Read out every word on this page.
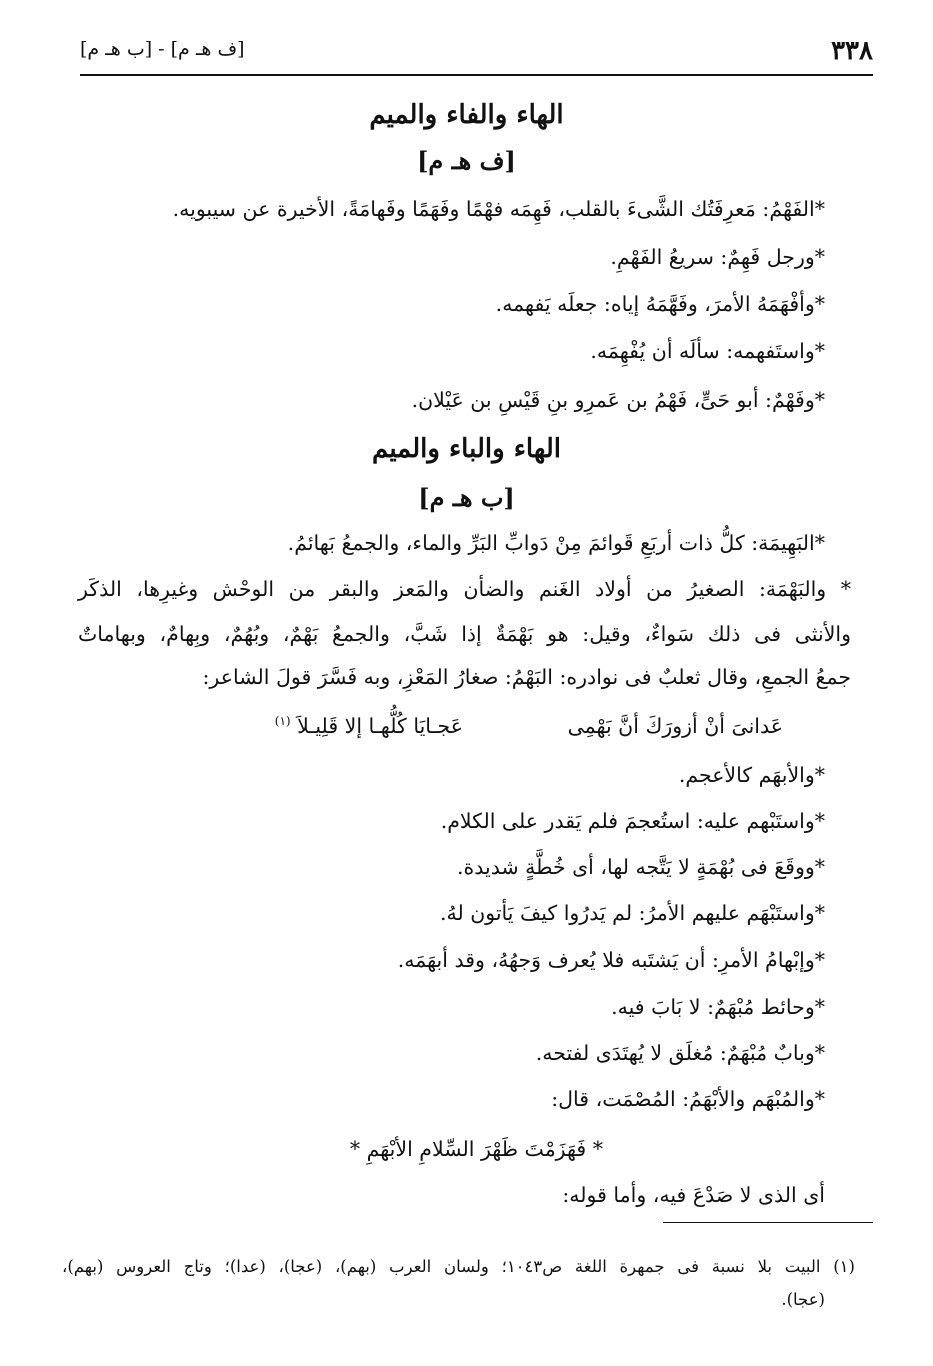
٣٣٨
[ف هـ م] - [ب هـ م]
الهاء والفاء والميم
[ف هـ م]
*الفَهْمُ: مَعرِفَتُك الشَّىءَ بالقلب، فَهِمَه فهْمًا وفَهَمًا وفَهامَةً، الأخيرة عن سيبويه.
*ورجل فَهِمٌ: سريعُ الفَهْمِ.
*وأفْهَمَهُ الأمرَ، وفَهَّمَهُ إياه: جعلَه يَفهمه.
*واستَفهمه: سألَه أن يُفْهِمَه.
*وفَهْمٌ: أبو حَىٍّ، فَهْمُ بن عَمرِو بنِ قَيْسِ بن عَيْلان.
الهاء والباء والميم
[ب هـ م]
*البَهِيمَة: كلُّ ذات أربَعِ قَوائمَ مِنْ دَوابِّ البَرِّ والماء، والجمعُ بَهائمُ.
* والبَهْمَة: الصغيرُ من أولاد الغَنم والضأن والمَعز والبقر من الوحْش وغيرِها، الذكَر
والأنثى فى ذلك سَواءٌ، وقيل: هو بَهْمَةٌ إذا شَبَّ، والجمعُ بَهْمٌ، وبُهُمٌ، وبِهامٌ، وبهاماتٌ
جمعُ الجمعِ، وقال ثعلبٌ فى نوادره: البَهْمُ: صغارُ المَعْزِ، وبه فَسَّرَ قولَ الشاعر:
عَدانىَ أنْ أزورَكَ أنَّ بَهْمِى
عَجـايَا كُلُّهـا إلا قَلِيـلاَ $^{(١)}$
*والأبهَم كالأعجم.
*واستَبْهم عليه: استُعجمَ فلم يَقدر على الكلام.
*ووقَعَ فى بُهْمَةٍ لا يَتَّجه لها، أى خُطَّةٍ شديدة.
*واستَبْهَم عليهم الأمرُ: لم يَدرُوا كيفَ يَأتون لهُ.
*وإبْهامُ الأمرِ: أن يَشتَبه فلا يُعرف وَجهُهُ، وقد أبهَمَه.
*وحائط مُبْهَمٌ: لا بَابَ فيه.
*وبابٌ مُبْهَمٌ: مُغلَق لا يُهتَدَى لفتحه.
*والمُبْهَم والأبْهَمُ: المُصْمَت، قال:
* فَهَزَمْتَ ظَهْرَ السِّلامِ الأبْهَمِ *
أى الذى لا صَدْعَ فيه، وأما قوله:
(١) البيت بلا نسبة فى جمهرة اللغة ص١٠٤٣؛ ولسان العرب (بهم)، (عجا)، (عدا)؛ وتاج العروس (بهم)،
(عجا).
